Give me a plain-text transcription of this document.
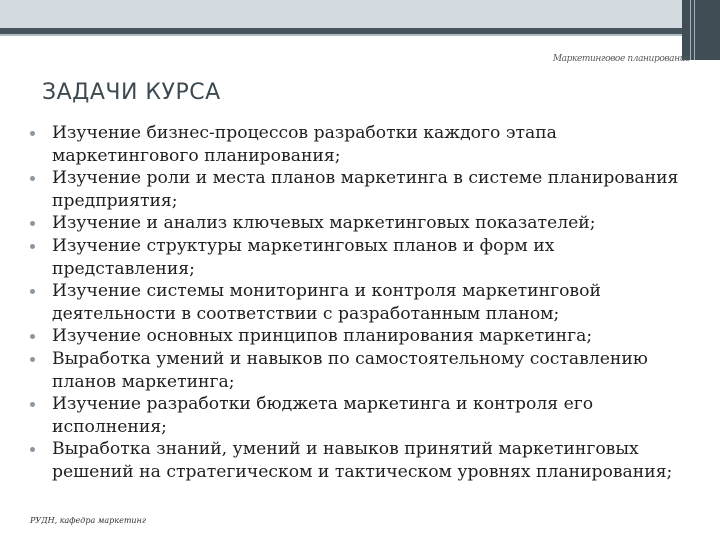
Маркетинговое планирование
ЗАДАЧИ КУРСА
Изучение бизнес-процессов разработки каждого этапа маркетингового планирования;
Изучение роли и места планов маркетинга в системе планирования предприятия;
Изучение и анализ ключевых маркетинговых показателей;
Изучение структуры маркетинговых планов и форм их представления;
Изучение системы мониторинга и контроля маркетинговой деятельности в соответствии с разработанным планом;
Изучение основных принципов планирования маркетинга;
Выработка умений и навыков по самостоятельному составлению планов маркетинга;
Изучение разработки бюджета маркетинга и контроля его исполнения;
Выработка знаний, умений и навыков принятий маркетинговых решений на стратегическом и тактическом уровнях планирования;
РУДН, кафедра маркетинг
